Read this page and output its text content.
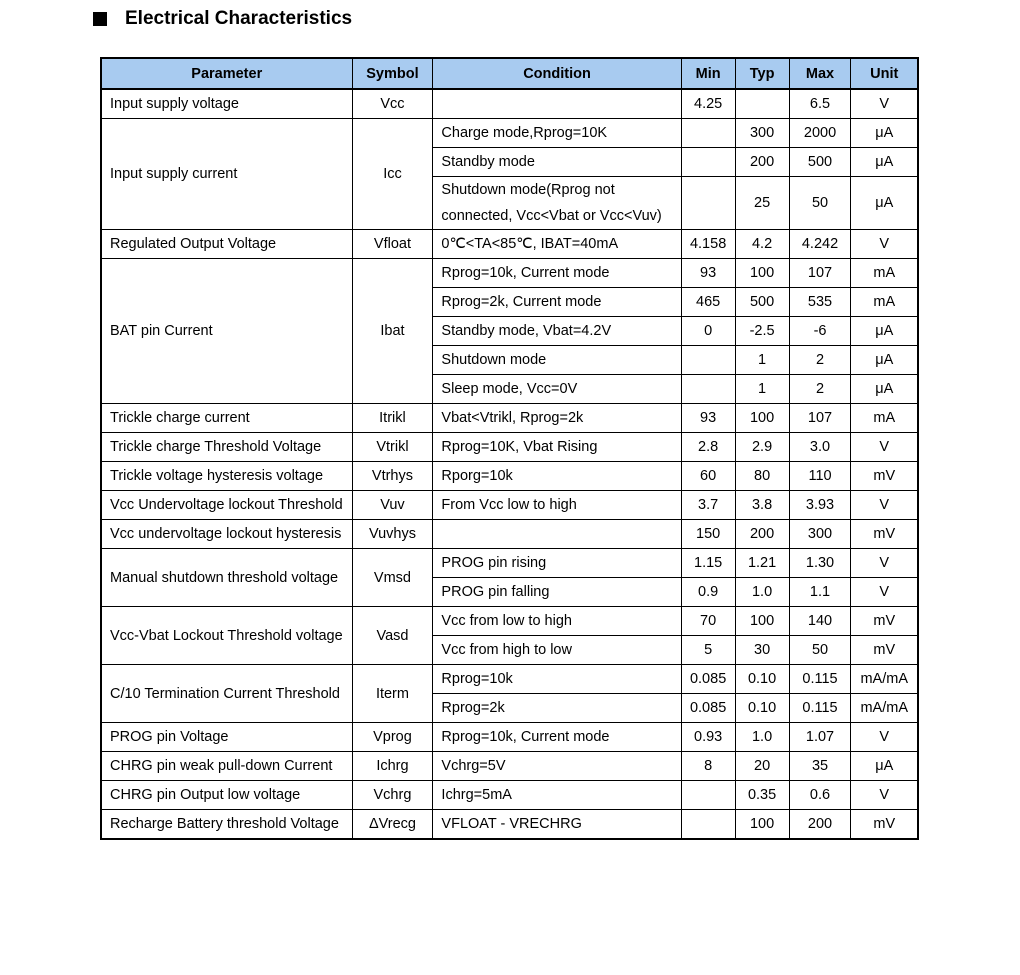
Electrical Characteristics
Parameter	Symbol	Condition	Min	Typ	Max	Unit
Input supply voltage	Vcc		4.25		6.5	V
Input supply current	Icc	Charge mode,Rprog=10K		300	2000	μA
		Standby mode		200	500	μA
		Shutdown mode(Rprog not connected, Vcc<Vbat or Vcc<Vuv)		25	50	μA
Regulated Output Voltage	Vfloat	0℃<TA<85℃, IBAT=40mA	4.158	4.2	4.242	V
BAT pin Current	Ibat	Rprog=10k, Current mode	93	100	107	mA
		Rprog=2k, Current mode	465	500	535	mA
		Standby mode, Vbat=4.2V	0	-2.5	-6	μA
		Shutdown mode		1	2	μA
		Sleep mode, Vcc=0V		1	2	μA
Trickle charge current	Itrikl	Vbat<Vtrikl, Rprog=2k	93	100	107	mA
Trickle charge Threshold Voltage	Vtrikl	Rprog=10K, Vbat Rising	2.8	2.9	3.0	V
Trickle voltage hysteresis voltage	Vtrhys	Rporg=10k	60	80	110	mV
Vcc Undervoltage lockout Threshold	Vuv	From Vcc low to high	3.7	3.8	3.93	V
Vcc undervoltage lockout hysteresis	Vuvhys		150	200	300	mV
Manual shutdown threshold voltage	Vmsd	PROG pin rising	1.15	1.21	1.30	V
		PROG pin falling	0.9	1.0	1.1	V
Vcc-Vbat Lockout Threshold voltage	Vasd	Vcc from low to high	70	100	140	mV
		Vcc from high to low	5	30	50	mV
C/10 Termination Current Threshold	Iterm	Rprog=10k	0.085	0.10	0.115	mA/mA
		Rprog=2k	0.085	0.10	0.115	mA/mA
PROG pin Voltage	Vprog	Rprog=10k, Current mode	0.93	1.0	1.07	V
CHRG pin weak pull-down Current	Ichrg	Vchrg=5V	8	20	35	μA
CHRG pin Output low voltage	Vchrg	Ichrg=5mA		0.35	0.6	V
Recharge Battery threshold Voltage	ΔVrecg	VFLOAT - VRECHRG		100	200	mV
